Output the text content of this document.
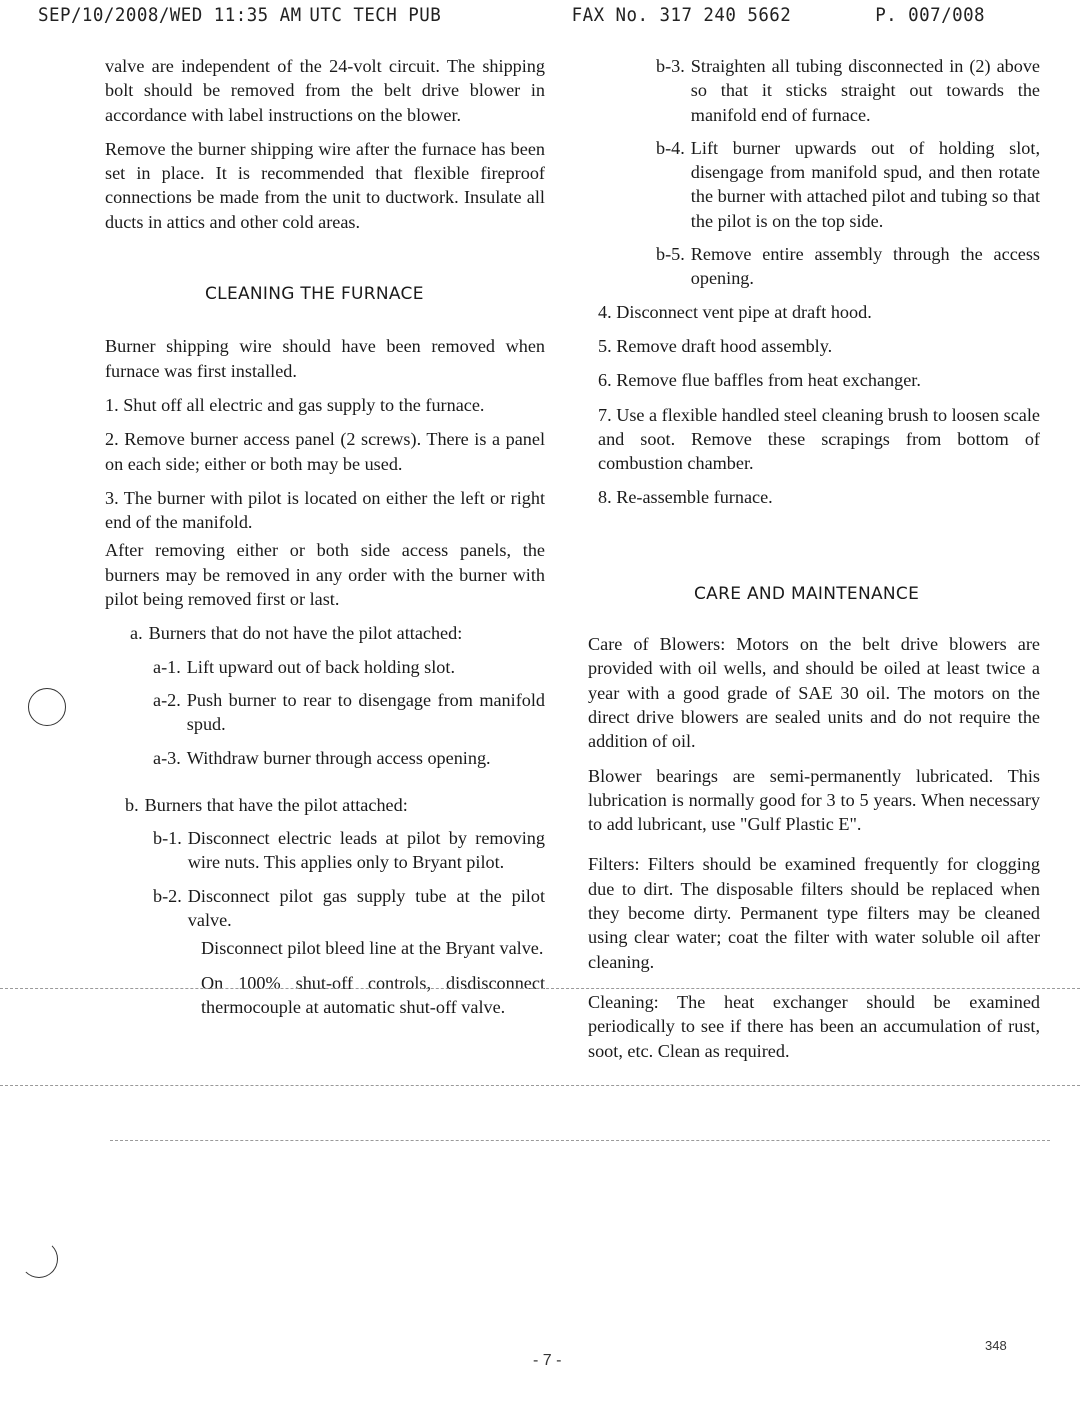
SEP/10/2008/WED 11:35 AM UTC TECH PUB	FAX No. 317 240 5662	P. 007/008

valve are independent of the 24-volt circuit. The shipping bolt should be removed from the belt drive blower in accordance with label instructions on the blower.

Remove the burner shipping wire after the furnace has been set in place. It is recommended that flexible fireproof connections be made from the unit to ductwork. Insulate all ducts in attics and other cold areas.

CLEANING THE FURNACE

Burner shipping wire should have been removed when furnace was first installed.

1. Shut off all electric and gas supply to the furnace.

2. Remove burner access panel (2 screws). There is a panel on each side; either or both may be used.

3. The burner with pilot is located on either the left or right end of the manifold.

After removing either or both side access panels, the burners may be removed in any order with the burner with pilot being removed first or last.

a. Burners that do not have the pilot attached:
a-1. Lift upward out of back holding slot.
a-2. Push burner to rear to disengage from manifold spud.
a-3. Withdraw burner through access opening.
b. Burners that have the pilot attached:
b-1. Disconnect electric leads at pilot by removing wire nuts. This applies only to Bryant pilot.
b-2. Disconnect pilot gas supply tube at the pilot valve.

Disconnect pilot bleed line at the Bryant valve.

On 100% shut-off controls, disdisconnect thermocouple at automatic shut-off valve.

b-3. Straighten all tubing disconnected in (2) above so that it sticks straight out towards the manifold end of furnace.
b-4. Lift burner upwards out of holding slot, disengage from manifold spud, and then rotate the burner with attached pilot and tubing so that the pilot is on the top side.
b-5. Remove entire assembly through the access opening.

4. Disconnect vent pipe at draft hood.

5. Remove draft hood assembly.

6. Remove flue baffles from heat exchanger.

7. Use a flexible handled steel cleaning brush to loosen scale and soot. Remove these scrapings from bottom of combustion chamber.

8. Re-assemble furnace.

CARE AND MAINTENANCE

Care of Blowers: Motors on the belt drive blowers are provided with oil wells, and should be oiled at least twice a year with a good grade of SAE 30 oil. The motors on the direct drive blowers are sealed units and do not require the addition of oil.

Blower bearings are semi-permanently lubricated. This lubrication is normally good for 3 to 5 years. When necessary to add lubricant, use "Gulf Plastic E".

Filters: Filters should be examined frequently for clogging due to dirt. The disposable filters should be replaced when they become dirty. Permanent type filters may be cleaned using clear water; coat the filter with water soluble oil after cleaning.

Cleaning: The heat exchanger should be examined periodically to see if there has been an accumulation of rust, soot, etc. Clean as required.

- 7 -
348
